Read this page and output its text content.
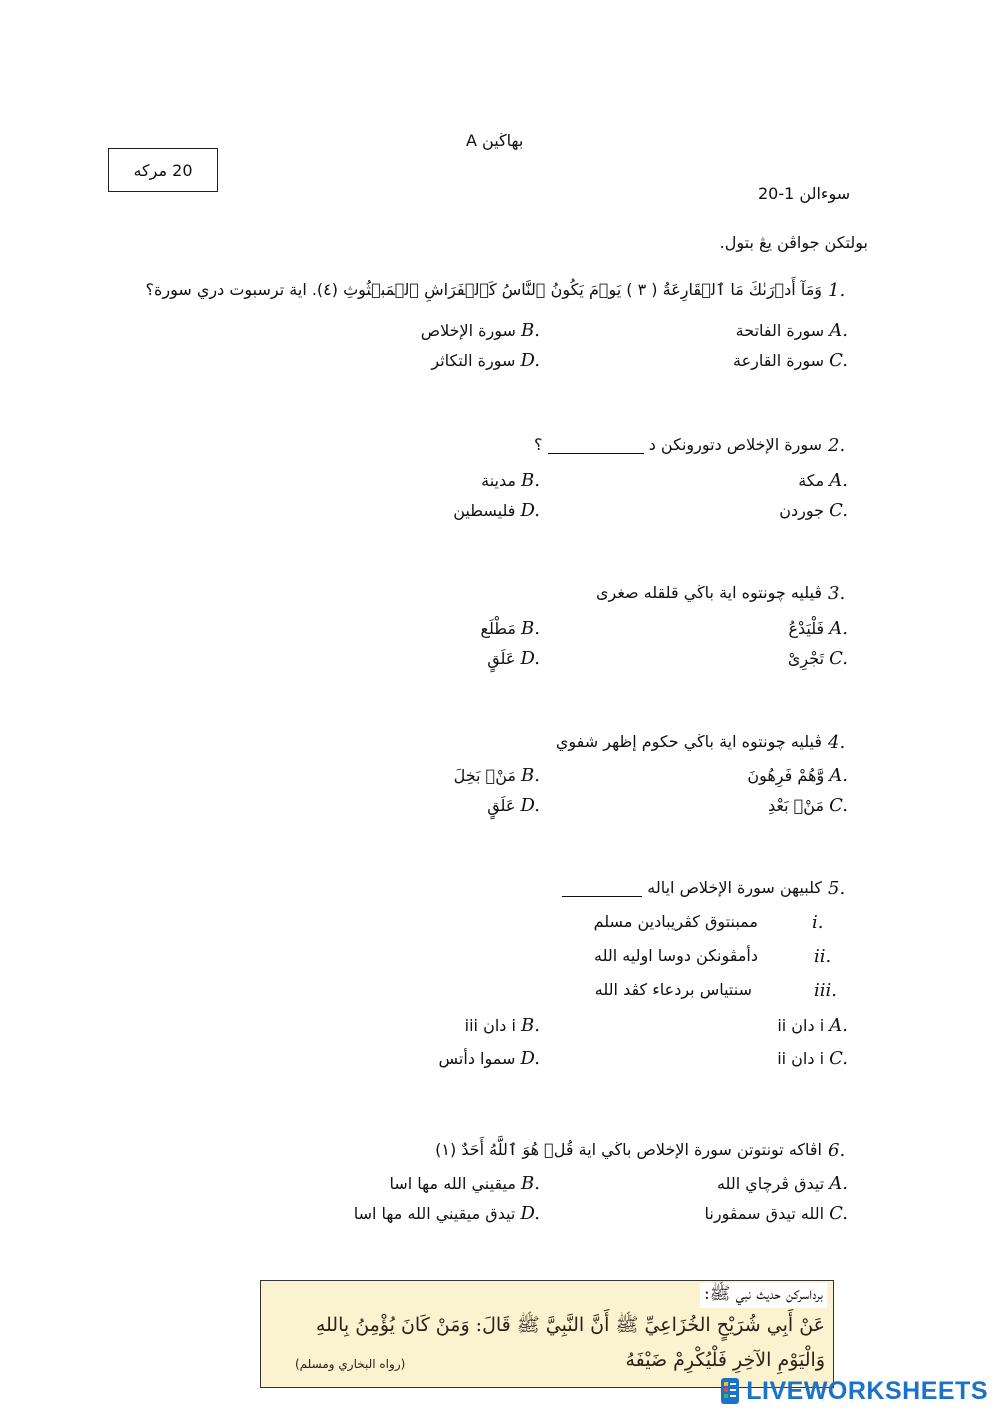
بهاڬين A
20 مركه
سوءالن 1-20
بولتكن جواڤن يڠ بتول.
1.
وَمَآ أَدۡرَىٰكَ مَا ٱلۡقَارِعَةُ ( ٣ ) يَوۡمَ يَكُونُ ٱلنَّاسُ كَٱلۡفَرَاشِ ٱلۡمَبۡثُوثِ (٤). اية ترسبوت دري سورة؟
سورة الفاتحة A.
سورة الإخلاص B.
سورة القارعة C.
سورة التكاثر D.
2.
سورة الإخلاص دتورونكن د  ؟
مكة A.
مدينة B.
جوردن C.
فليسطين D.
3.
ڤيليه چونتوه اية باڬي قلقله صغرى
فَلْيَدْعُ A.
مَطْلَع B.
تَجْرِىْ C.
عَلَقٍ D.
4.
ڤيليه چونتوه اية باڬي حكوم إظهر شفوي
وَّهُمْ فَرِهُونَ A.
مَنْۢ بَخِلَ B.
مَنْۢ بَعْدِ C.
عَلَقٍ D.
5.
كلبيهن سورة الإخلاص اياله
i.
ممبنتوق كڤريبادين مسلم
ii.
دأمڤونكن دوسا اوليه الله
iii.
سنتياس بردعاء كڤد الله
i دان ii A.
i دان iii B.
i دان ii C.
سموا دأتس D.
6.
اڤاكه تونتوتن سورة الإخلاص باڬي اية قُلۡ هُوَ ٱللَّهُ أَحَدٌ (١)
تيدق ڤرچاي الله A.
ميقيني الله مها اسا B.
الله تيدق سمڤورنا C.
تيدق ميقيني الله مها اسا D.
برداسركن حديث نبي ﷺ:
عَنْ أَبِي شُرَيْحٍ الخُزَاعِيِّ ﷺ أَنَّ النَّبِيَّ ﷺ قَالَ: وَمَنْ كَانَ يُؤْمِنُ بِاللهِ
وَالْيَوْمِ الآخِرِ فَلْيُكْرِمْ ضَيْفَهُ
(رواه البخاري ومسلم)
LIVEWORKSHEETS
